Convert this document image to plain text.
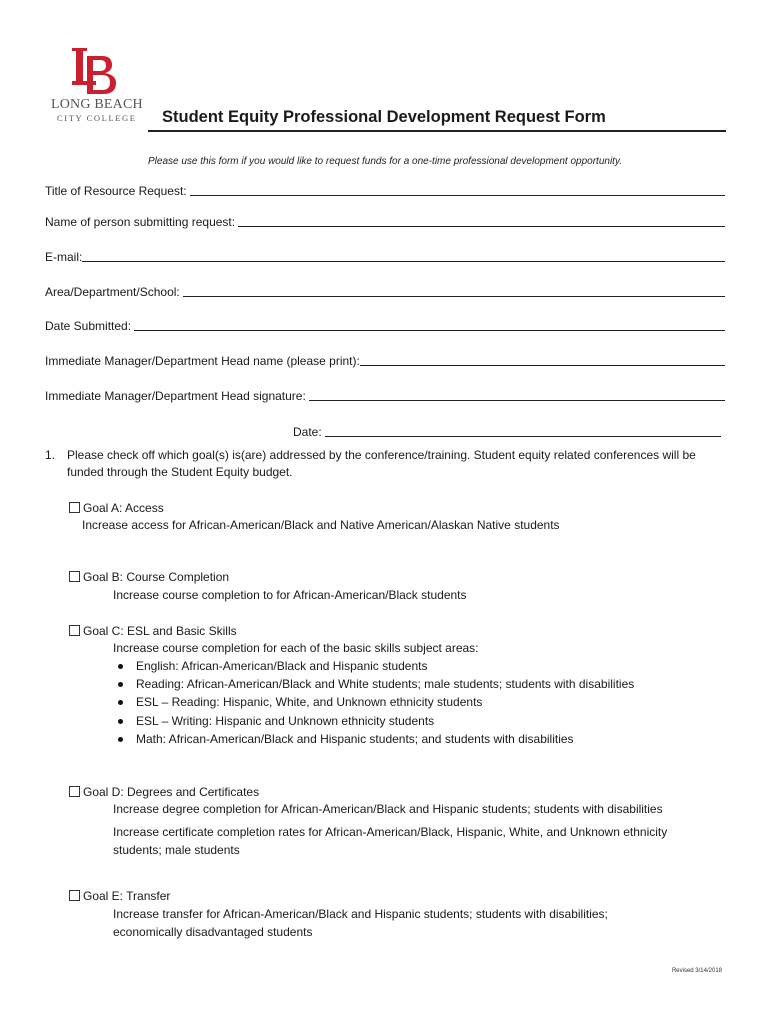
LONG BEACH
CITY COLLEGE Student Equity Professional Development Request Form
Please use this form if you would like to request funds for a one-time professional development opportunity.
Title of Resource Request:
Name of person submitting request:
E-mail:
Area/Department/School:
Date Submitted:
Immediate Manager/Department Head name (please print):
Immediate Manager/Department Head signature:
Date:
1. Please check off which goal(s) is(are) addressed by the conference/training. Student equity related conferences will be funded through the Student Equity budget.
Goal A: Access
Increase access for African-American/Black and Native American/Alaskan Native students
Goal B: Course Completion
Increase course completion to for African-American/Black students
Goal C: ESL and Basic Skills
Increase course completion for each of the basic skills subject areas:
English: African-American/Black and Hispanic students
Reading: African-American/Black and White students; male students; students with disabilities
ESL – Reading: Hispanic, White, and Unknown ethnicity students
ESL – Writing: Hispanic and Unknown ethnicity students
Math: African-American/Black and Hispanic students; and students with disabilities
Goal D: Degrees and Certificates
Increase degree completion for African-American/Black and Hispanic students; students with disabilities
Increase certificate completion rates for African-American/Black, Hispanic, White, and Unknown ethnicity students; male students
Goal E: Transfer
Increase transfer for African-American/Black and Hispanic students; students with disabilities; economically disadvantaged students
Revised 3/14/2018
